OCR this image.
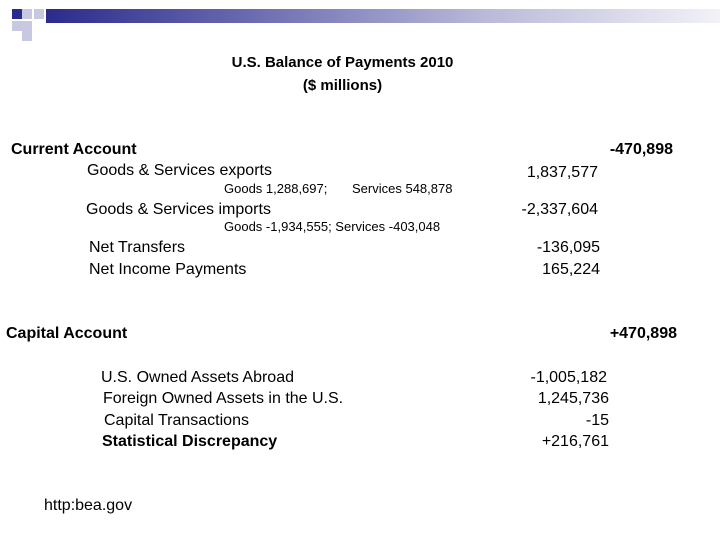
U.S. Balance of Payments 2010
($ millions)
Current Account	-470,898
Goods & Services exports	1,837,577
Goods 1,288,697; Services 548,878
Goods & Services imports	-2,337,604
Goods -1,934,555; Services -403,048
Net Transfers	-136,095
Net Income Payments	165,224
Capital Account	+470,898
U.S. Owned Assets Abroad	-1,005,182
Foreign Owned Assets in the U.S.	1,245,736
Capital Transactions	-15
Statistical Discrepancy	+216,761
http:bea.gov
